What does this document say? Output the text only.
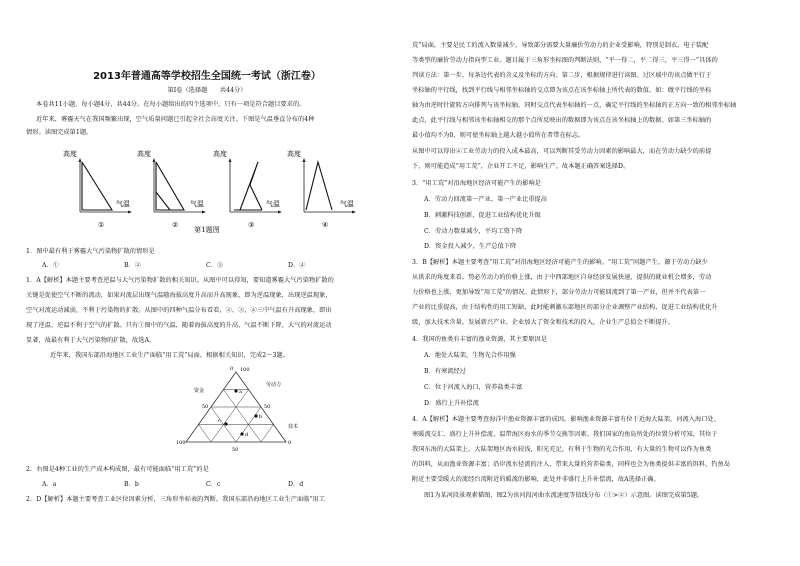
2013年普通高等学校招生全国统一考试（浙江卷）
第Ⅰ卷（选择题　　共44分）
本卷共11小题，每小题4分，共44分。在每小题给出的四个选项中，只有一项是符合题目要求的。
近年来，雾霾天气在我国频繁出现，空气质量问题已引起全社会高度关注。下图是气温垂直分布的4种
情形。读图完成第1题。
高度
气温
①
高度
气温
②
高度
气温
③
高度
气温
④
第1题图
1．图中最有利于雾霾大气污染物扩散的情形是
A．①	B．②	C．③	D．④
1．A【解析】本题主要考查逆温与大气污染物扩散的相关知识。从图中可以得知，要知道雾霾大气污染物扩散的
关键是促使空气不断的流动，如果对流层出现气温随海拔高度升高而升高现象，即为逆温现象，出现逆温现象，
空气对流运动减弱，不利于污染物的扩散。从图中的四种气温分布看看，②、③、④三中气温有升高现象，即出
现了逆温，逆温不利于空气的扩散。只有①图中的气温，随着海拔高度的升高，气温不断下降，大气的对流运动
显著，故最有利于大气污染物的扩散，故选A。
近年来，我国东部沿海地区工业生产面临“用工荒”局面。根据相关知识，完成2～3题。
0 100
50	50
100	0
50
资金
劳动力
技术
a
b
c
d
2．右图是4种工业的生产成本构成图，最有可能面临“用工荒”的是
A．a	B．b	C．c	D．d
2．D【解析】本题主要考查工业区位因素分析，三角形坐标表的判断。我国东部沿海地区工业生产面临“用工
荒”局面，主要是民工的流入数量减少，导致部分需要大量廉价劳动力的企业受影响，特别是制衣、电子装配
等类型的廉价劳动力指向型工业。题目属于三角形坐标图的判断法则，“平一得二，平二得三，平三得一”具体的
判读方法：第一步，每条边代表的含义及坐标的方向；第二步，根据规律进行读图。过区域中的该点做平行于
坐标轴的平行线，找到平行线与相邻坐标轴的交点即为该点在该坐标轴上所代表的数值。如：做平行线的坐标
轴为由逆时针旋转方向排列与该坐标轴，同时交点代表坐标轴的一点，确定平行线的坐标轴的正方向一致的相邻坐标轴
此点，此平行线与相邻该坐标轴相交的那个点所反映出的数据即为该点在该坐标轴上的数据。如第三坐标轴的
最小值均不为0，则可使坐标轴上越大越小值所在者带在标志。
从图中可以得出④工业劳动力的投入成本最高，可以判断其受劳动力因素的影响最大，而在劳动力缺少的前提
下，则可能造成“用工荒”，企业开工不足，影响生产。故本题正确答案选择D。
3．“用工荒”对沿海地区经济可能产生的影响是
A．劳动力回流第一产业，第一产业比重提高
B．刺激科技创新，促进工业结构优化升级
C．劳动力数量减少，平均工资下降
D．资金投入减少，生产总值下降
3．B【解析】本题主要考查“用工荒”对沿海地区经济可能产生的影响。“用工荒”问题产生，源于劳动力缺少
从供求的角度来看，势必劳动力的价格上涨，由于中西部地区自身经济发展快速，提供的就业机会增多，劳动
力价格也上涨，更加导致“用工荒”的情况。此情形下，部分劳动力可能回流到了第一产业，但并不代表第一
产业的比重提高，由于结构性的用工短缺，此时能刺激东部地区的部分企业调整产业结构，促进工业结构优化升
级，加大技术含量，发展新兴产业。企业加大了资金和技术的投入，企业生产总值会不断提升。
4．我国的鱼类有丰富的渔业资源，其主要原因是
A．地处大陆架，生物光合作用强
B．有寒流经过
C．位于河流入海口，营养盐类丰富
D．盛行上升补偿流
4．A【解析】本题主要考查海洋中渔业资源丰富的成因。影响渔业资源丰富有位于近海大陆架、河流入海口处、
寒暖流交汇、盛行上升补偿流、温带海区海水的季节交换等因素。我们国家的鱼岛所处的位置分析可知，其位于
我国东海的大陆架上，大陆架地区海水较浅，阳光充足，有利于生物的光合作用，有大量的生物可以作为鱼类
的饵料，从而渔业资源丰富；沿岸流水径流的注入，带来大量的营养盐类，同样也会为鱼类提供丰富的饵料，钓鱼岛
附近主要受暖大的流经台湾附近的暖流的影响，此处并非盛行上升补偿流，故A选择正确。
图1为某河段景观素描图，图2为该河段河曲水流速度等值线分布（①>②）示意图。读图完成第5题。
